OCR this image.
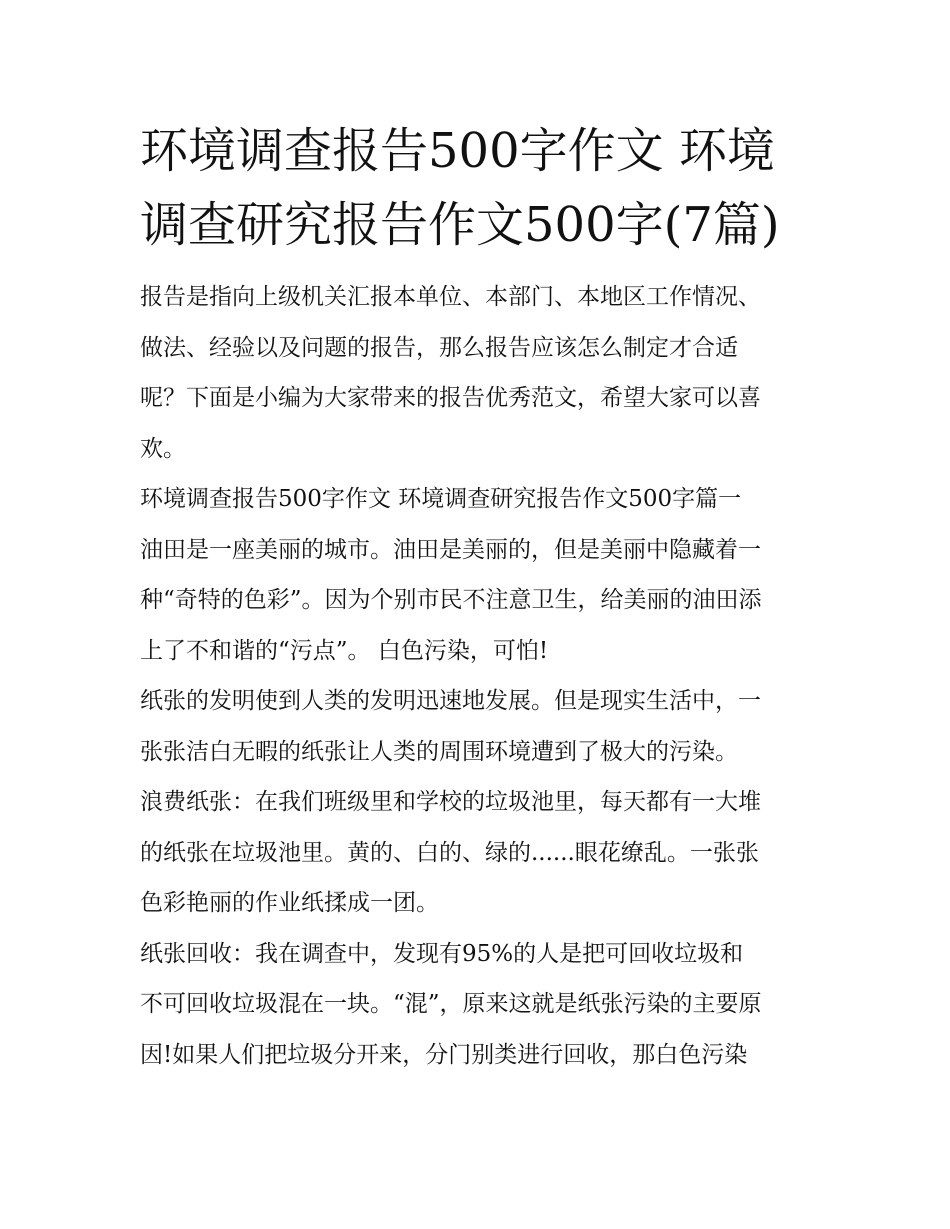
环境调查报告500字作文 环境
调查研究报告作文500字(7篇)

报告是指向上级机关汇报本单位、本部门、本地区工作情况、

做法、经验以及问题的报告，那么报告应该怎么制定才合适

呢？下面是小编为大家带来的报告优秀范文，希望大家可以喜

欢。

环境调查报告500字作文 环境调查研究报告作文500字篇一

油田是一座美丽的城市。油田是美丽的，但是美丽中隐藏着一

种“奇特的色彩”。因为个别市民不注意卫生，给美丽的油田添

上了不和谐的“污点”。 白色污染，可怕!

纸张的发明使到人类的发明迅速地发展。但是现实生活中，一

张张洁白无暇的纸张让人类的周围环境遭到了极大的污染。

浪费纸张：在我们班级里和学校的垃圾池里，每天都有一大堆

的纸张在垃圾池里。黄的、白的、绿的......眼花缭乱。一张张

色彩艳丽的作业纸揉成一团。

纸张回收：我在调查中，发现有95%的人是把可回收垃圾和

不可回收垃圾混在一块。“混”，原来这就是纸张污染的主要原

因!如果人们把垃圾分开来，分门别类进行回收，那白色污染
